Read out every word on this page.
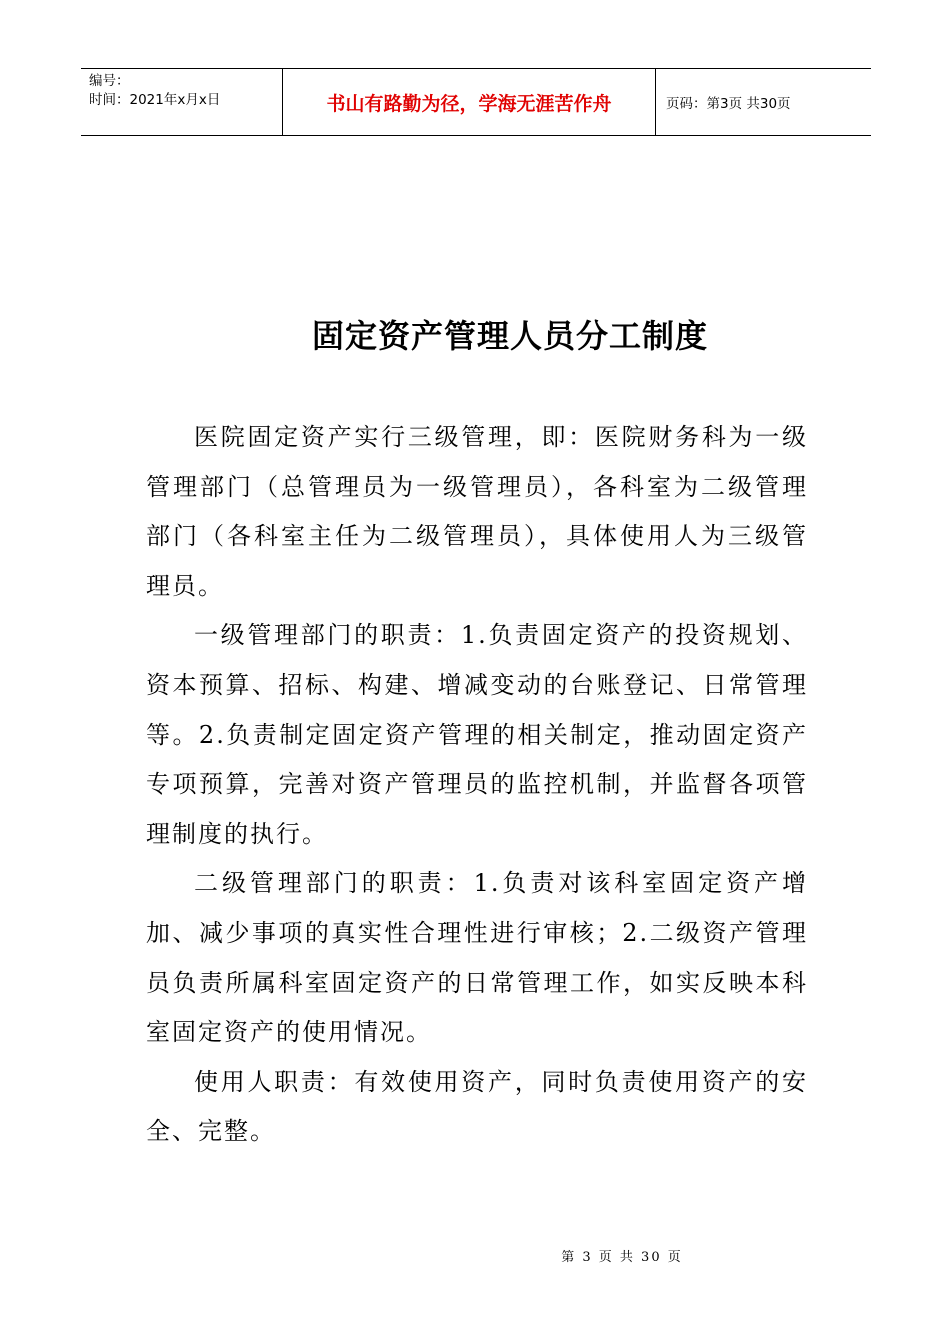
编号：
时间：2021年x月x日	书山有路勤为径，学海无涯苦作舟	页码：第3页 共30页
固定资产管理人员分工制度

医院固定资产实行三级管理，即：医院财务科为一级管理部门（总管理员为一级管理员），各科室为二级管理部门（各科室主任为二级管理员），具体使用人为三级管理员。

一级管理部门的职责：1.负责固定资产的投资规划、资本预算、招标、构建、增减变动的台账登记、日常管理等。2.负责制定固定资产管理的相关制定，推动固定资产专项预算，完善对资产管理员的监控机制，并监督各项管理制度的执行。

二级管理部门的职责：1.负责对该科室固定资产增加、减少事项的真实性合理性进行审核；2.二级资产管理员负责所属科室固定资产的日常管理工作，如实反映本科室固定资产的使用情况。

使用人职责：有效使用资产，同时负责使用资产的安全、完整。

第 3 页 共 30 页
